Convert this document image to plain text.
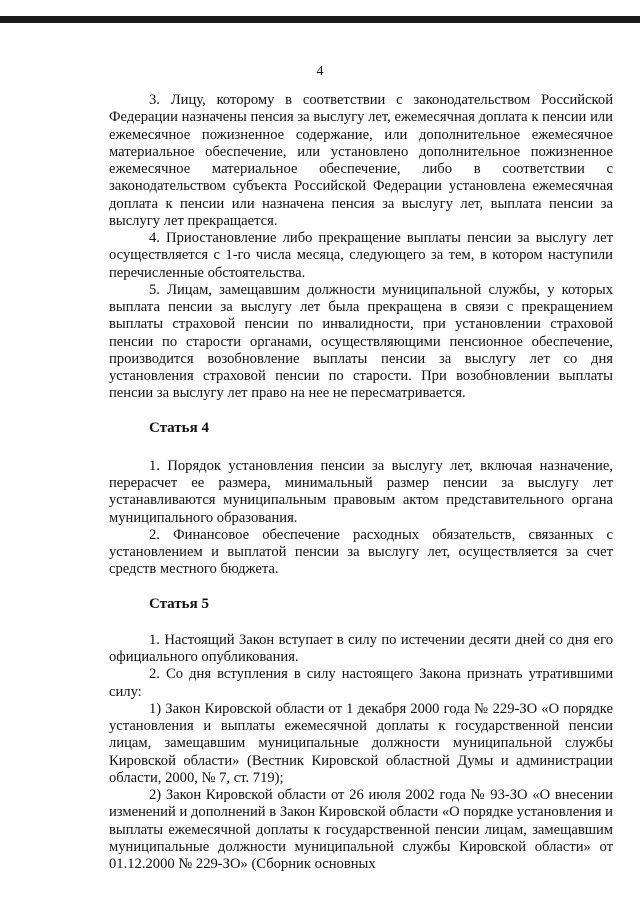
4

3. Лицу, которому в соответствии с законодательством Российской Федерации назначены пенсия за выслугу лет, ежемесячная доплата к пенсии или ежемесячное пожизненное содержание, или дополнительное ежемесячное материальное обеспечение, или установлено дополнительное пожизненное ежемесячное материальное обеспечение, либо в соответствии с законодательством субъекта Российской Федерации установлена ежемесячная доплата к пенсии или назначена пенсия за выслугу лет, выплата пенсии за выслугу лет прекращается.

4. Приостановление либо прекращение выплаты пенсии за выслугу лет осуществляется с 1-го числа месяца, следующего за тем, в котором наступили перечисленные обстоятельства.

5. Лицам, замещавшим должности муниципальной службы, у которых выплата пенсии за выслугу лет была прекращена в связи с прекращением выплаты страховой пенсии по инвалидности, при установлении страховой пенсии по старости органами, осуществляющими пенсионное обеспечение, производится возобновление выплаты пенсии за выслугу лет со дня установления страховой пенсии по старости. При возобновлении выплаты пенсии за выслугу лет право на нее не пересматривается.

Статья 4

1. Порядок установления пенсии за выслугу лет, включая назначение, перерасчет ее размера, минимальный размер пенсии за выслугу лет устанавливаются муниципальным правовым актом представительного органа муниципального образования.

2. Финансовое обеспечение расходных обязательств, связанных с установлением и выплатой пенсии за выслугу лет, осуществляется за счет средств местного бюджета.

Статья 5

1. Настоящий Закон вступает в силу по истечении десяти дней со дня его официального опубликования.

2. Со дня вступления в силу настоящего Закона признать утратившими силу:

1) Закон Кировской области от 1 декабря 2000 года № 229-ЗО «О порядке установления и выплаты ежемесячной доплаты к государственной пенсии лицам, замещавшим муниципальные должности муниципальной службы Кировской области» (Вестник Кировской областной Думы и администрации области, 2000, № 7, ст. 719);

2) Закон Кировской области от 26 июля 2002 года № 93-ЗО «О внесении изменений и дополнений в Закон Кировской области «О порядке установления и выплаты ежемесячной доплаты к государственной пенсии лицам, замещавшим муниципальные должности муниципальной службы Кировской области» от 01.12.2000 № 229-ЗО» (Сборник основных
